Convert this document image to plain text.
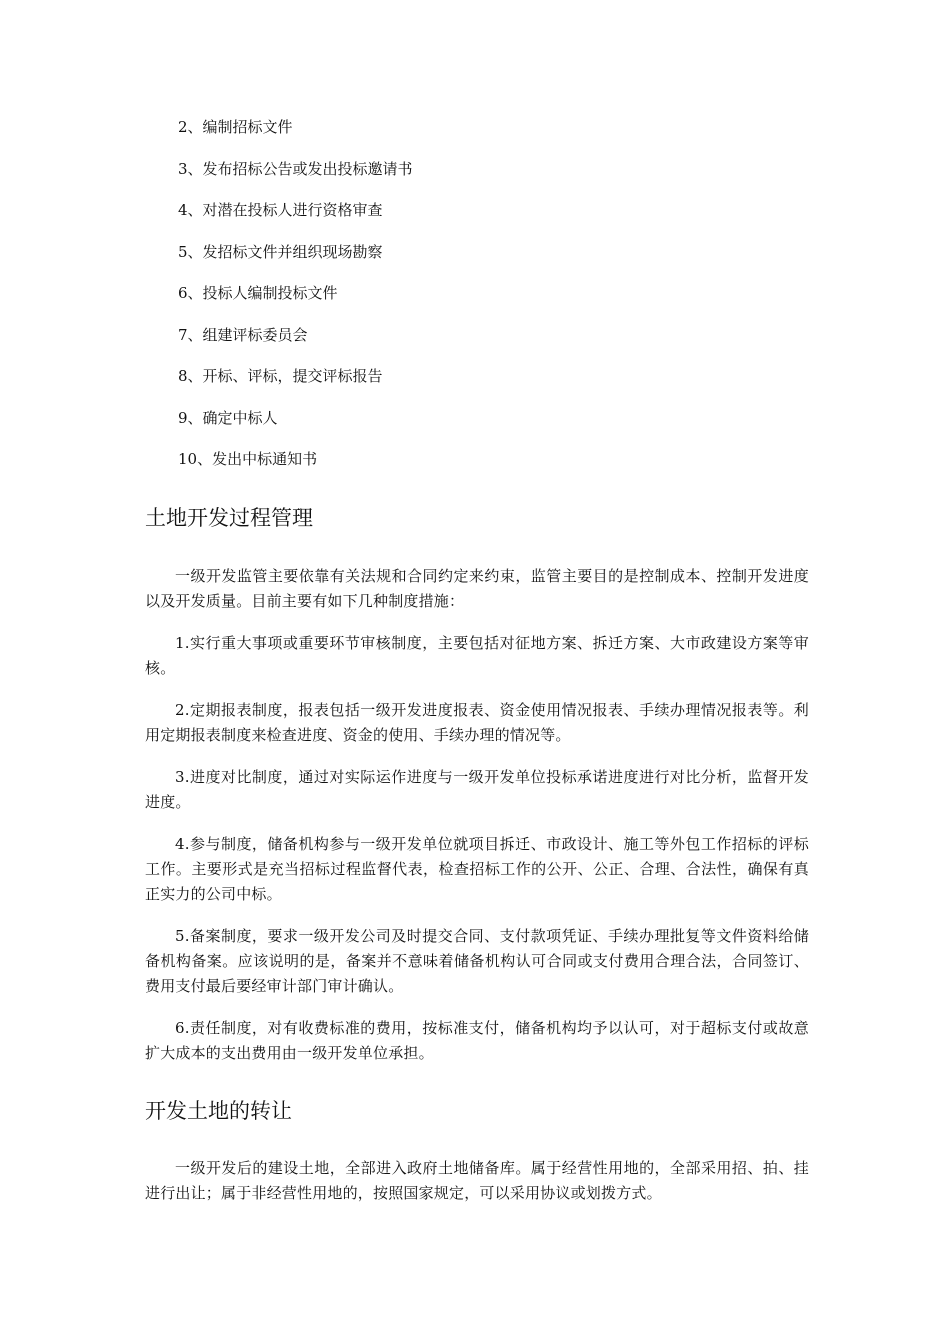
2、编制招标文件
3、发布招标公告或发出投标邀请书
4、对潜在投标人进行资格审查
5、发招标文件并组织现场勘察
6、投标人编制投标文件
7、组建评标委员会
8、开标、评标，提交评标报告
9、确定中标人
10、发出中标通知书
土地开发过程管理

一级开发监管主要依靠有关法规和合同约定来约束，监管主要目的是控制成本、控制开发进度以及开发质量。目前主要有如下几种制度措施：

1.实行重大事项或重要环节审核制度，主要包括对征地方案、拆迁方案、大市政建设方案等审核。

2.定期报表制度，报表包括一级开发进度报表、资金使用情况报表、手续办理情况报表等。利用定期报表制度来检查进度、资金的使用、手续办理的情况等。

3.进度对比制度，通过对实际运作进度与一级开发单位投标承诺进度进行对比分析，监督开发进度。

4.参与制度，储备机构参与一级开发单位就项目拆迁、市政设计、施工等外包工作招标的评标工作。主要形式是充当招标过程监督代表，检查招标工作的公开、公正、合理、合法性，确保有真正实力的公司中标。

5.备案制度，要求一级开发公司及时提交合同、支付款项凭证、手续办理批复等文件资料给储备机构备案。应该说明的是，备案并不意味着储备机构认可合同或支付费用合理合法，合同签订、费用支付最后要经审计部门审计确认。

6.责任制度，对有收费标准的费用，按标准支付，储备机构均予以认可，对于超标支付或故意扩大成本的支出费用由一级开发单位承担。

开发土地的转让

一级开发后的建设土地，全部进入政府土地储备库。属于经营性用地的，全部采用招、拍、挂进行出让；属于非经营性用地的，按照国家规定，可以采用协议或划拨方式。
